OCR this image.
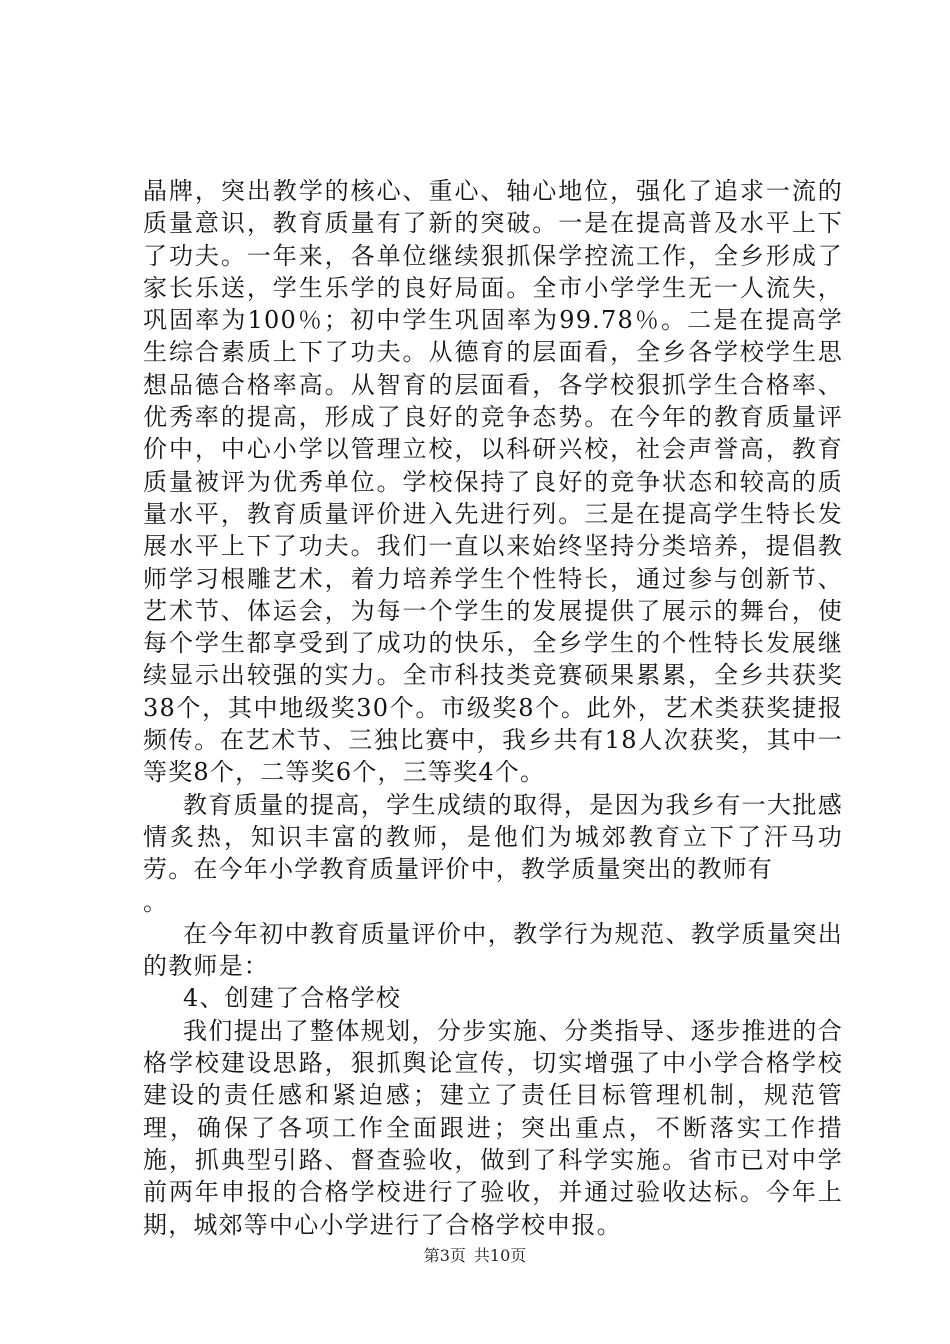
晶牌，突出教学的核心、重心、轴心地位，强化了追求一流的质量意识，教育质量有了新的突破。一是在提高普及水平上下了功夫。一年来，各单位继续狠抓保学控流工作，全乡形成了家长乐送，学生乐学的良好局面。全市小学学生无一人流失，巩固率为100％；初中学生巩固率为99.78％。二是在提高学生综合素质上下了功夫。从德育的层面看，全乡各学校学生思想品德合格率高。从智育的层面看，各学校狠抓学生合格率、优秀率的提高，形成了良好的竞争态势。在今年的教育质量评价中，中心小学以管理立校，以科研兴校，社会声誉高，教育质量被评为优秀单位。学校保持了良好的竞争状态和较高的质量水平，教育质量评价进入先进行列。三是在提高学生特长发展水平上下了功夫。我们一直以来始终坚持分类培养，提倡教师学习根雕艺术，着力培养学生个性特长，通过参与创新节、艺术节、体运会，为每一个学生的发展提供了展示的舞台，使每个学生都享受到了成功的快乐，全乡学生的个性特长发展继续显示出较强的实力。全市科技类竞赛硕果累累，全乡共获奖38个，其中地级奖30个。市级奖8个。此外，艺术类获奖捷报频传。在艺术节、三独比赛中，我乡共有18人次获奖，其中一等奖8个，二等奖6个，三等奖4个。

教育质量的提高，学生成绩的取得，是因为我乡有一大批感情炙热，知识丰富的教师，是他们为城郊教育立下了汗马功劳。在今年小学教育质量评价中，教学质量突出的教师有

。

在今年初中教育质量评价中，教学行为规范、教学质量突出的教师是：

4、创建了合格学校

我们提出了整体规划，分步实施、分类指导、逐步推进的合格学校建设思路，狠抓舆论宣传，切实增强了中小学合格学校建设的责任感和紧迫感；建立了责任目标管理机制，规范管理，确保了各项工作全面跟进；突出重点，不断落实工作措施，抓典型引路、督查验收，做到了科学实施。省市已对中学前两年申报的合格学校进行了验收，并通过验收达标。今年上期，城郊等中心小学进行了合格学校申报。

第3页 共10页
